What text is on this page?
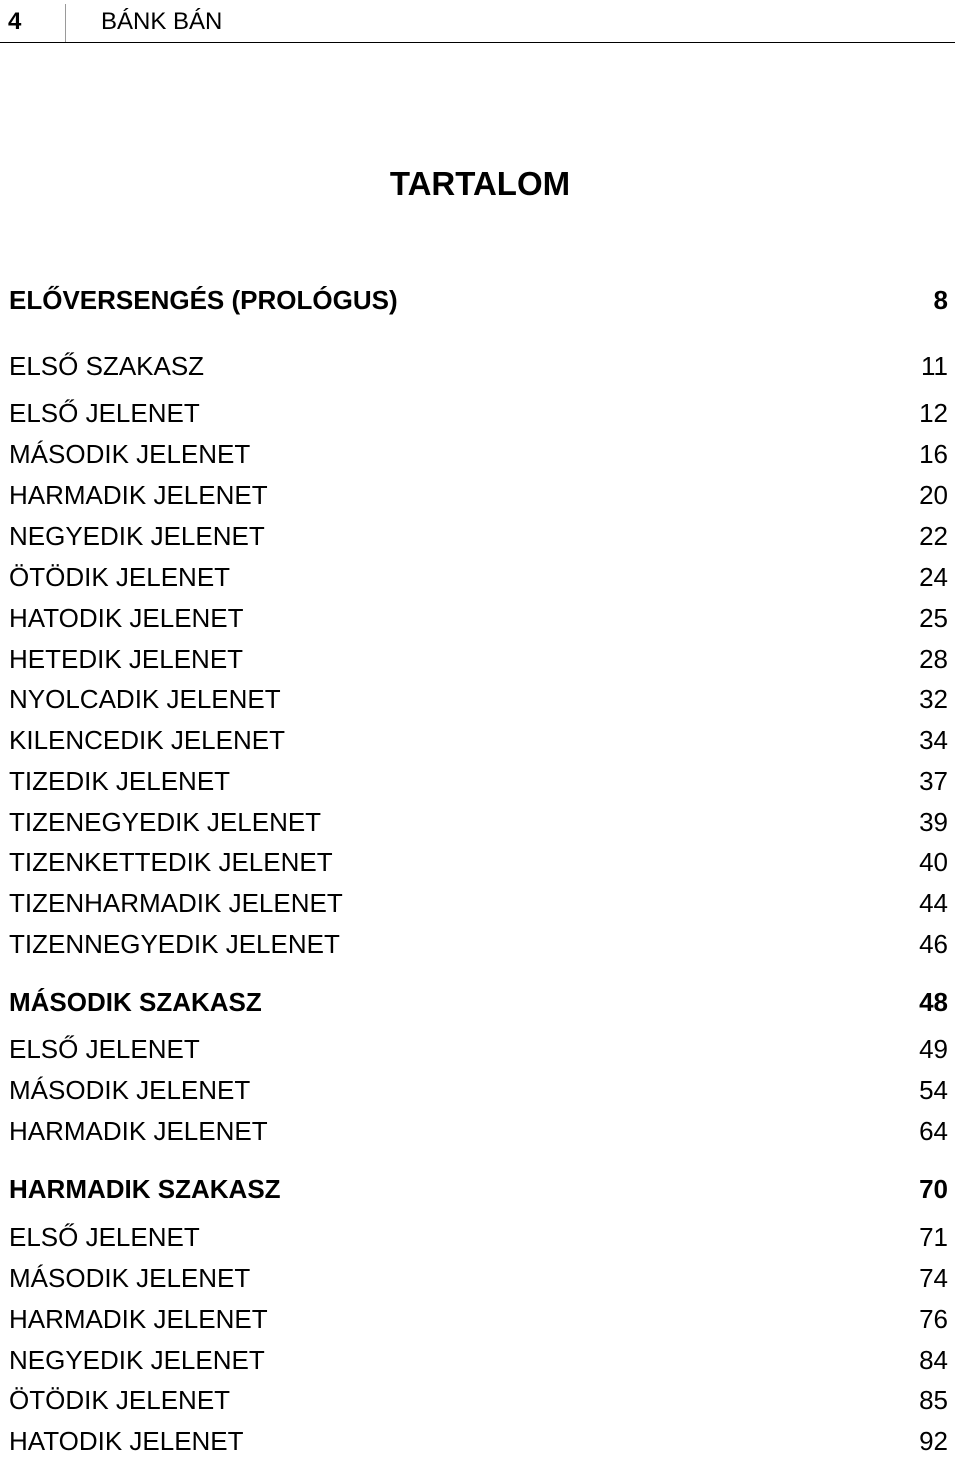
4	BÁNK BÁN
TARTALOM
ELŐVERSENGÉS (PROLÓGUS)	8
ELSŐ SZAKASZ	11
ELSŐ JELENET	12
MÁSODIK JELENET	16
HARMADIK JELENET	20
NEGYEDIK JELENET	22
ÖTÖDIK JELENET	24
HATODIK JELENET	25
HETEDIK JELENET	28
NYOLCADIK JELENET	32
KILENCEDIK JELENET	34
TIZEDIK JELENET	37
TIZENEGYEDIK JELENET	39
TIZENKETTEDIK JELENET	40
TIZENHARMADIK JELENET	44
TIZENNEGYEDIK JELENET	46
MÁSODIK SZAKASZ	48
ELSŐ JELENET	49
MÁSODIK JELENET	54
HARMADIK JELENET	64
HARMADIK SZAKASZ	70
ELSŐ JELENET	71
MÁSODIK JELENET	74
HARMADIK JELENET	76
NEGYEDIK JELENET	84
ÖTÖDIK JELENET	85
HATODIK JELENET	92
